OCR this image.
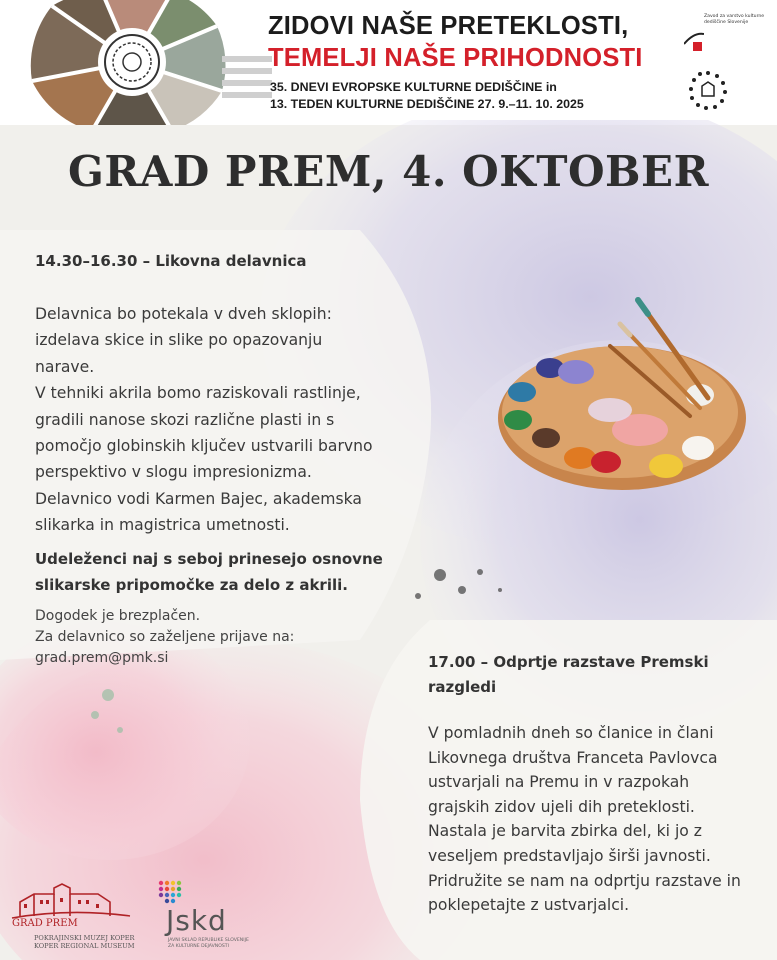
ZIDOVI NAŠE PRETEKLOSTI,
TEMELJI NAŠE PRIHODNOSTI
35. DNEVI EVROPSKE KULTURNE DEDIŠČINE in
13. TEDEN KULTURNE DEDIŠČINE 27. 9.–11. 10. 2025
Zavod za varstvo kulturne dediščine Slovenije
GRAD PREM, 4. OKTOBER

14.30–16.30 – Likovna delavnica

Delavnica bo potekala v dveh sklopih:
izdelava skice in slike po opazovanju
narave.
V tehniki akrila bomo raziskovali rastlinje,
gradili nanose skozi različne plasti in s
pomočjo globinskih ključev ustvarili barvno
perspektivo v slogu impresionizma.
Delavnico vodi Karmen Bajec, akademska
slikarka in magistrica umetnosti.
Udeleženci naj s seboj prinesejo osnovne
slikarske pripomočke za delo z akrili.
Dogodek je brezplačen.
Za delavnico so zaželjene prijave na:
grad.prem@pmk.si	17.00 – Odprtje razstave Premski
razgledi
V pomladnih dneh so članice in člani
Likovnega društva Franceta Pavlovca
ustvarjali na Premu in v razpokah
grajskih zidov ujeli dih preteklosti.
Nastala je barvita zbirka del, ki jo z
veseljem predstavljajo širši javnosti.
Pridružite se nam na odprtju razstave in
poklepetajte z ustvarjalci.
GRAD PREM
POKRAJINSKI MUZEJ KOPER
KOPER REGIONAL MUSEUM
Jskd
JAVNI SKLAD REPUBLIKE SLOVENIJE
ZA KULTURNE DEJAVNOSTI
